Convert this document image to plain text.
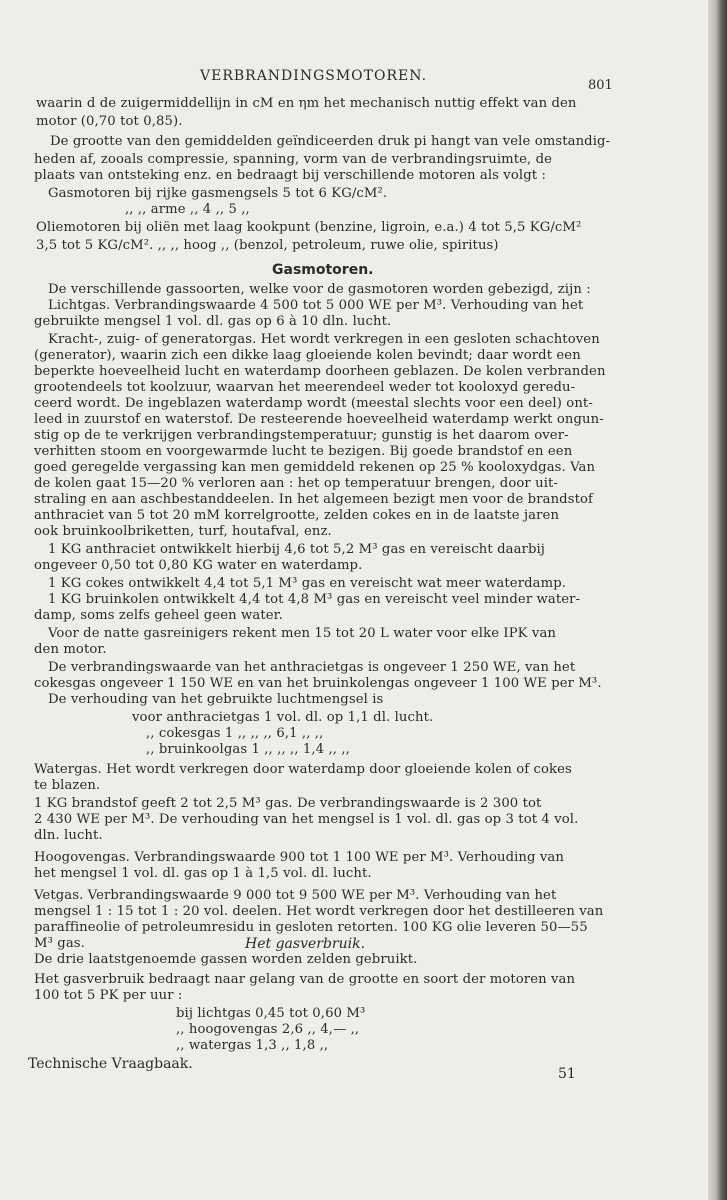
VERBRANDINGSMOTOREN.
801
waarin d de zuigermiddellijn in cM en ηm het mechanisch nuttig effekt van den
motor (0,70 tot 0,85).
De grootte van den gemiddelden geïndiceerden druk pi hangt van vele omstandig-
heden af, zooals compressie, spanning, vorm van de verbrandingsruimte, de
plaats van ontsteking enz. en bedraagt bij verschillende motoren als volgt :
Gasmotoren bij rijke gasmengsels 5 tot 6 KG/cM².
,, ,, arme ,, 4 ,, 5 ,,
Oliemotoren bij oliën met laag kookpunt (benzine, ligroin, e.a.) 4 tot 5,5 KG/cM²
3,5 tot 5 KG/cM². ,, ,, hoog ,, (benzol, petroleum, ruwe olie, spiritus)
Gasmotoren.
De verschillende gassoorten, welke voor de gasmotoren worden gebezigd, zijn :
Lichtgas. Verbrandingswaarde 4 500 tot 5 000 WE per M³. Verhouding van het
gebruikte mengsel 1 vol. dl. gas op 6 à 10 dln. lucht.
Kracht-, zuig- of generatorgas. Het wordt verkregen in een gesloten schachtoven
(generator), waarin zich een dikke laag gloeiende kolen bevindt; daar wordt een
beperkte hoeveelheid lucht en waterdamp doorheen geblazen. De kolen verbranden
grootendeels tot koolzuur, waarvan het meerendeel weder tot kooloxyd geredu-
ceerd wordt. De ingeblazen waterdamp wordt (meestal slechts voor een deel) ont-
leed in zuurstof en waterstof. De resteerende hoeveelheid waterdamp werkt ongun-
stig op de te verkrijgen verbrandingstemperatuur; gunstig is het daarom over-
verhitten stoom en voorgewarmde lucht te bezigen. Bij goede brandstof en een
goed geregelde vergassing kan men gemiddeld rekenen op 25 % kooloxydgas. Van
de kolen gaat 15—20 % verloren aan : het op temperatuur brengen, door uit-
straling en aan aschbestanddeelen. In het algemeen bezigt men voor de brandstof
anthraciet van 5 tot 20 mM korrelgrootte, zelden cokes en in de laatste jaren
ook bruinkoolbriketten, turf, houtafval, enz.
1 KG anthraciet ontwikkelt hierbij 4,6 tot 5,2 M³ gas en vereischt daarbij
ongeveer 0,50 tot 0,80 KG water en waterdamp.
1 KG cokes ontwikkelt 4,4 tot 5,1 M³ gas en vereischt wat meer waterdamp.
1 KG bruinkolen ontwikkelt 4,4 tot 4,8 M³ gas en vereischt veel minder water-
damp, soms zelfs geheel geen water.
Voor de natte gasreinigers rekent men 15 tot 20 L water voor elke IPK van
den motor.
De verbrandingswaarde van het anthracietgas is ongeveer 1 250 WE, van het
cokesgas ongeveer 1 150 WE en van het bruinkolengas ongeveer 1 100 WE per M³.
De verhouding van het gebruikte luchtmengsel is
voor anthracietgas 1 vol. dl. op 1,1 dl. lucht.
,, cokesgas 1 ,, ,, ,, 6,1 ,, ,,
,, bruinkoolgas 1 ,, ,, ,, 1,4 ,, ,,
Watergas. Het wordt verkregen door waterdamp door gloeiende kolen of cokes
te blazen.
1 KG brandstof geeft 2 tot 2,5 M³ gas. De verbrandingswaarde is 2 300 tot
2 430 WE per M³. De verhouding van het mengsel is 1 vol. dl. gas op 3 tot 4 vol.
dln. lucht.
Hoogovengas. Verbrandingswaarde 900 tot 1 100 WE per M³. Verhouding van
het mengsel 1 vol. dl. gas op 1 à 1,5 vol. dl. lucht.
Vetgas. Verbrandingswaarde 9 000 tot 9 500 WE per M³. Verhouding van het
mengsel 1 : 15 tot 1 : 20 vol. deelen. Het wordt verkregen door het destilleeren van
paraffineolie of petroleumresidu in gesloten retorten. 100 KG olie leveren 50—55
M³ gas.
De drie laatstgenoemde gassen worden zelden gebruikt.
Het gasverbruik.
Het gasverbruik bedraagt naar gelang van de grootte en soort der motoren van
100 tot 5 PK per uur :
bij lichtgas 0,45 tot 0,60 M³
,, hoogovengas 2,6 ,, 4,— ,,
,, watergas 1,3 ,, 1,8 ,,
Technische Vraagbaak.
51
